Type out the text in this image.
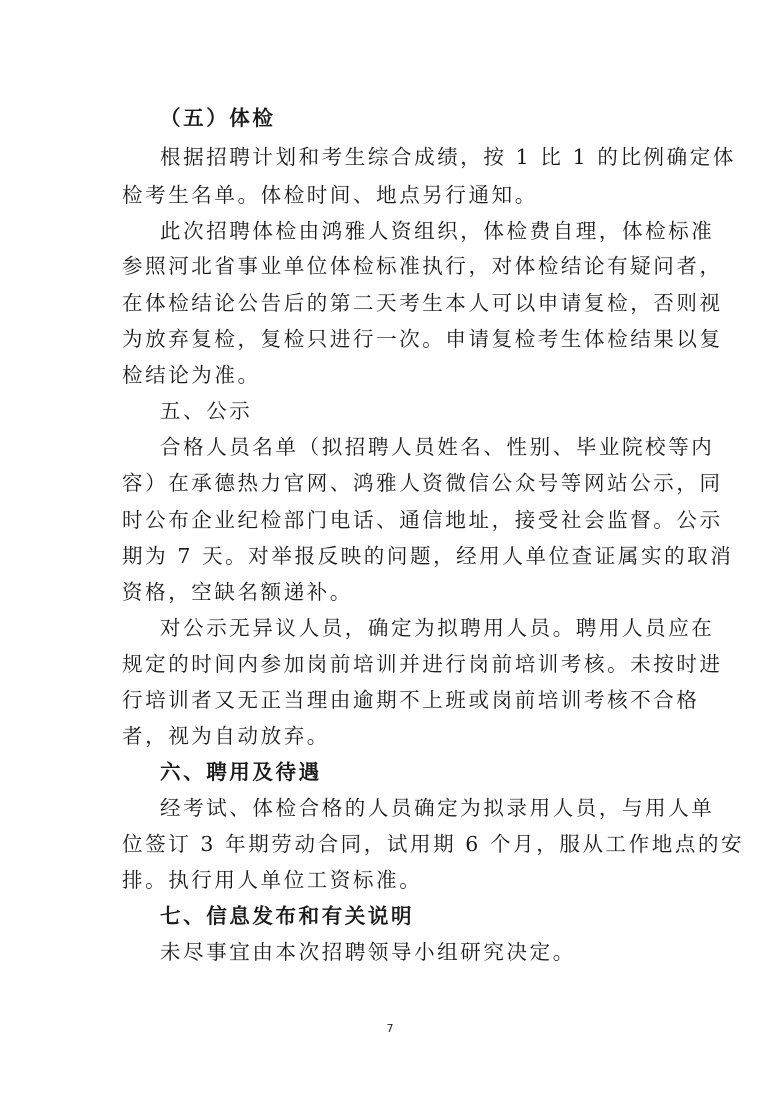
（五）体检
根据招聘计划和考生综合成绩，按 1 比 1 的比例确定体
检考生名单。体检时间、地点另行通知。
此次招聘体检由鸿雅人资组织，体检费自理，体检标准
参照河北省事业单位体检标准执行，对体检结论有疑问者，
在体检结论公告后的第二天考生本人可以申请复检，否则视
为放弃复检，复检只进行一次。申请复检考生体检结果以复
检结论为准。
五、公示
合格人员名单（拟招聘人员姓名、性别、毕业院校等内
容）在承德热力官网、鸿雅人资微信公众号等网站公示，同
时公布企业纪检部门电话、通信地址，接受社会监督。公示
期为 7 天。对举报反映的问题，经用人单位查证属实的取消
资格，空缺名额递补。
对公示无异议人员，确定为拟聘用人员。聘用人员应在
规定的时间内参加岗前培训并进行岗前培训考核。未按时进
行培训者又无正当理由逾期不上班或岗前培训考核不合格
者，视为自动放弃。
六、聘用及待遇
经考试、体检合格的人员确定为拟录用人员，与用人单
位签订 3 年期劳动合同，试用期 6 个月，服从工作地点的安
排。执行用人单位工资标准。
七、信息发布和有关说明
未尽事宜由本次招聘领导小组研究决定。
7
